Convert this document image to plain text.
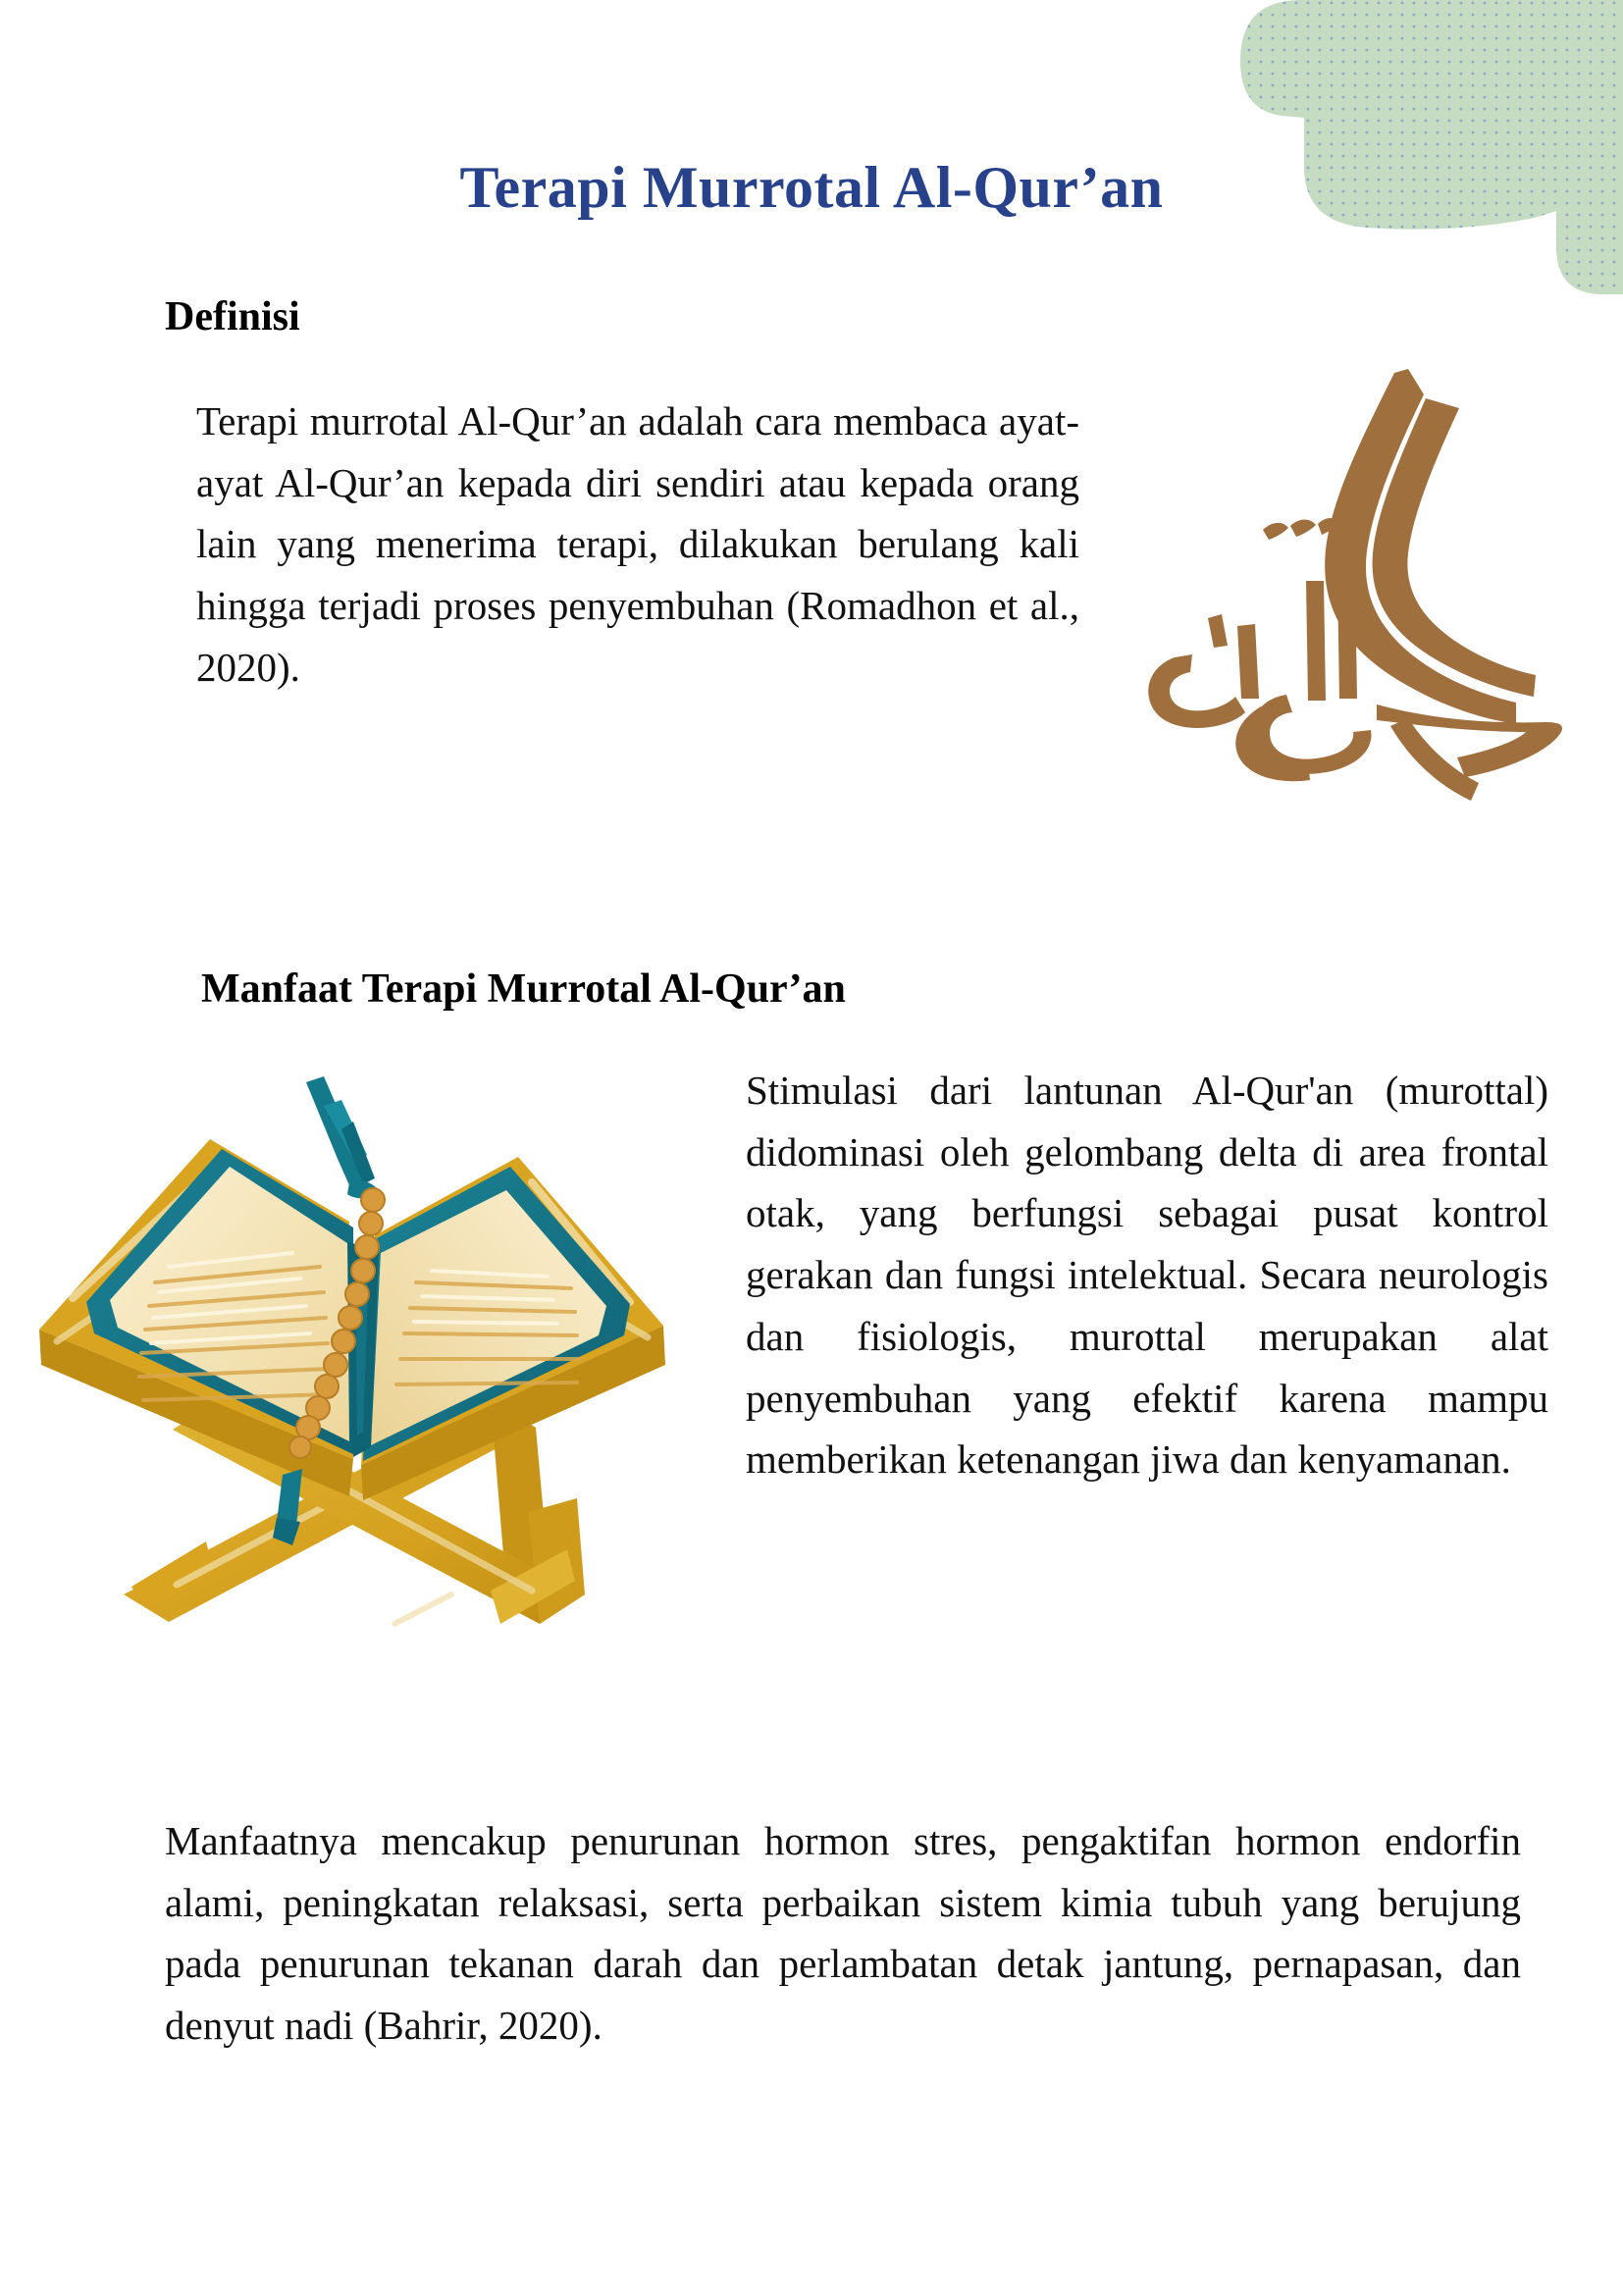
Terapi Murrotal Al-Qur’an
Definisi
Terapi murrotal Al-Qur’an adalah cara membaca ayat-ayat Al-Qur’an kepada diri sendiri atau kepada orang lain yang menerima terapi, dilakukan berulang kali hingga terjadi proses penyembuhan (Romadhon et al., 2020).
Manfaat Terapi Murrotal Al-Qur’an
Stimulasi dari lantunan Al-Qur'an (murottal) didominasi oleh gelombang delta di area frontal otak, yang berfungsi sebagai pusat kontrol gerakan dan fungsi intelektual. Secara neurologis dan fisiologis, murottal merupakan alat penyembuhan yang efektif karena mampu memberikan ketenangan jiwa dan kenyamanan.
Manfaatnya mencakup penurunan hormon stres, pengaktifan hormon endorfin alami, peningkatan relaksasi, serta perbaikan sistem kimia tubuh yang berujung pada penurunan tekanan darah dan perlambatan detak jantung, pernapasan, dan denyut nadi (Bahrir, 2020).
